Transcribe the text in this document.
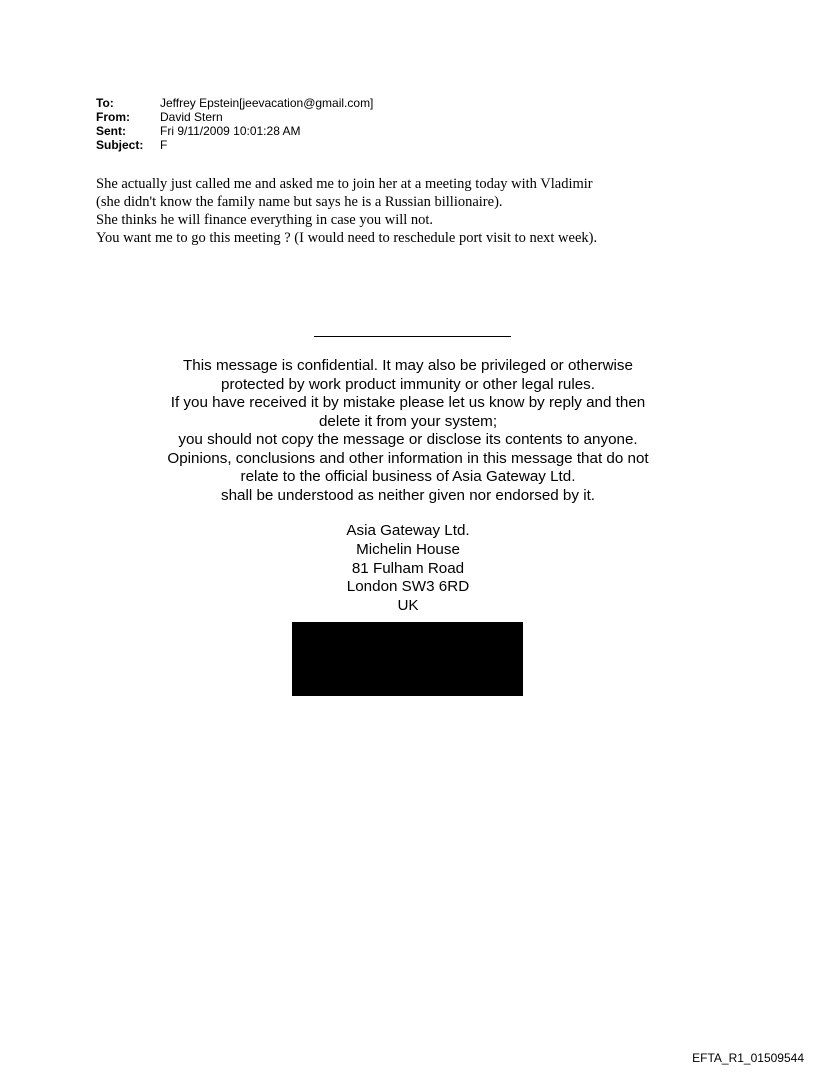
To:	Jeffrey Epstein[jeevacation@gmail.com]
From:	David Stern
Sent:	Fri 9/11/2009 10:01:28 AM
Subject:	F
She actually just called me and asked me to join her at a meeting today with Vladimir
(she didn't know the family name but says he is a Russian billionaire).
She thinks he will finance everything in case you will not.
You want me to go this meeting ? (I would need to reschedule port visit to next week).
This message is confidential. It may also be privileged or otherwise
protected by work product immunity or other legal rules.
If you have received it by mistake please let us know by reply and then
delete it from your system;
you should not copy the message or disclose its contents to anyone.
Opinions, conclusions and other information in this message that do not
relate to the official business of Asia Gateway Ltd.
shall be understood as neither given nor endorsed by it.
Asia Gateway Ltd.
Michelin House
81 Fulham Road
London SW3 6RD
UK
EFTA_R1_01509544
